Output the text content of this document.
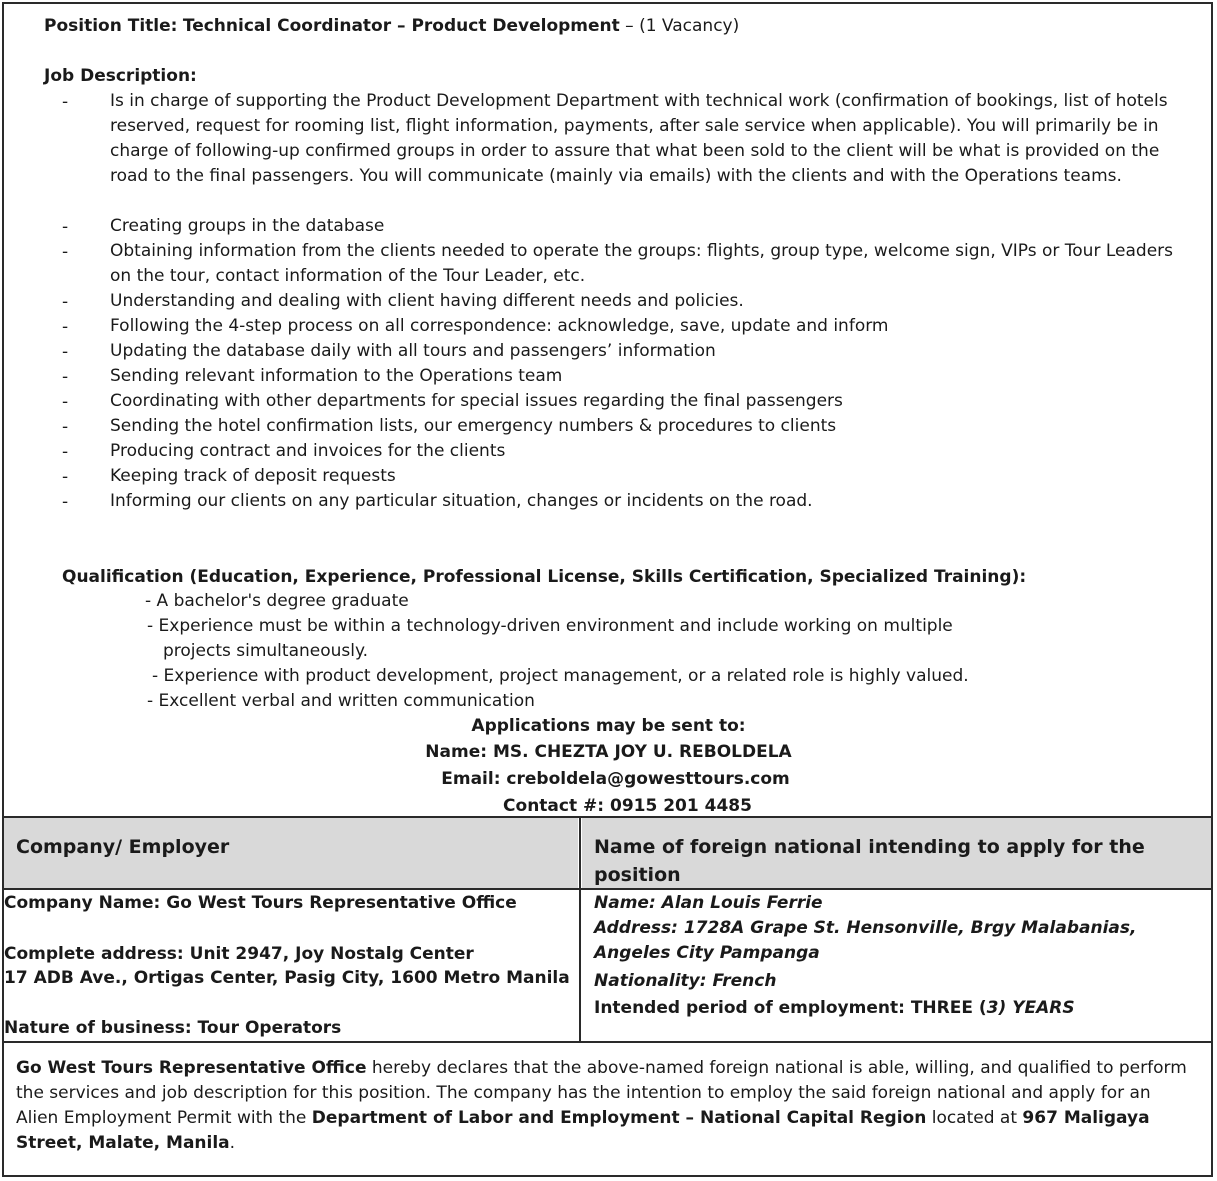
Position Title: Technical Coordinator – Product Development – (1 Vacancy)
Job Description:
- Is in charge of supporting the Product Development Department with technical work (confirmation of bookings, list of hotels reserved, request for rooming list, flight information, payments, after sale service when applicable). You will primarily be in charge of following-up confirmed groups in order to assure that what been sold to the client will be what is provided on the road to the final passengers. You will communicate (mainly via emails) with the clients and with the Operations teams.
- Creating groups in the database
- Obtaining information from the clients needed to operate the groups: flights, group type, welcome sign, VIPs or Tour Leaders on the tour, contact information of the Tour Leader, etc.
- Understanding and dealing with client having different needs and policies.
- Following the 4-step process on all correspondence: acknowledge, save, update and inform
- Updating the database daily with all tours and passengers’ information
- Sending relevant information to the Operations team
- Coordinating with other departments for special issues regarding the final passengers
- Sending the hotel confirmation lists, our emergency numbers & procedures to clients
- Producing contract and invoices for the clients
- Keeping track of deposit requests
- Informing our clients on any particular situation, changes or incidents on the road.
Qualification (Education, Experience, Professional License, Skills Certification, Specialized Training):
- A bachelor's degree graduate
- Experience must be within a technology-driven environment and include working on multiple
projects simultaneously.
- Experience with product development, project management, or a related role is highly valued.
- Excellent verbal and written communication
Applications may be sent to:
Name: MS. CHEZTA JOY U. REBOLDELA
Email: creboldela@gowesttours.com
Contact #: 0915 201 4485
Company/ Employer	Name of foreign national intending to apply for the
position
Company Name: Go West Tours Representative Office
Complete address: Unit 2947, Joy Nostalg Center
17 ADB Ave., Ortigas Center, Pasig City, 1600 Metro Manila
Nature of business: Tour Operators
Name: Alan Louis Ferrie
Address: 1728A Grape St. Hensonville, Brgy Malabanias,
Angeles City Pampanga
Nationality: French
Intended period of employment: THREE (3) YEARS
Go West Tours Representative Office hereby declares that the above-named foreign national is able, willing, and qualified to perform the services and job description for this position. The company has the intention to employ the said foreign national and apply for an Alien Employment Permit with the Department of Labor and Employment – National Capital Region located at 967 Maligaya Street, Malate, Manila.
